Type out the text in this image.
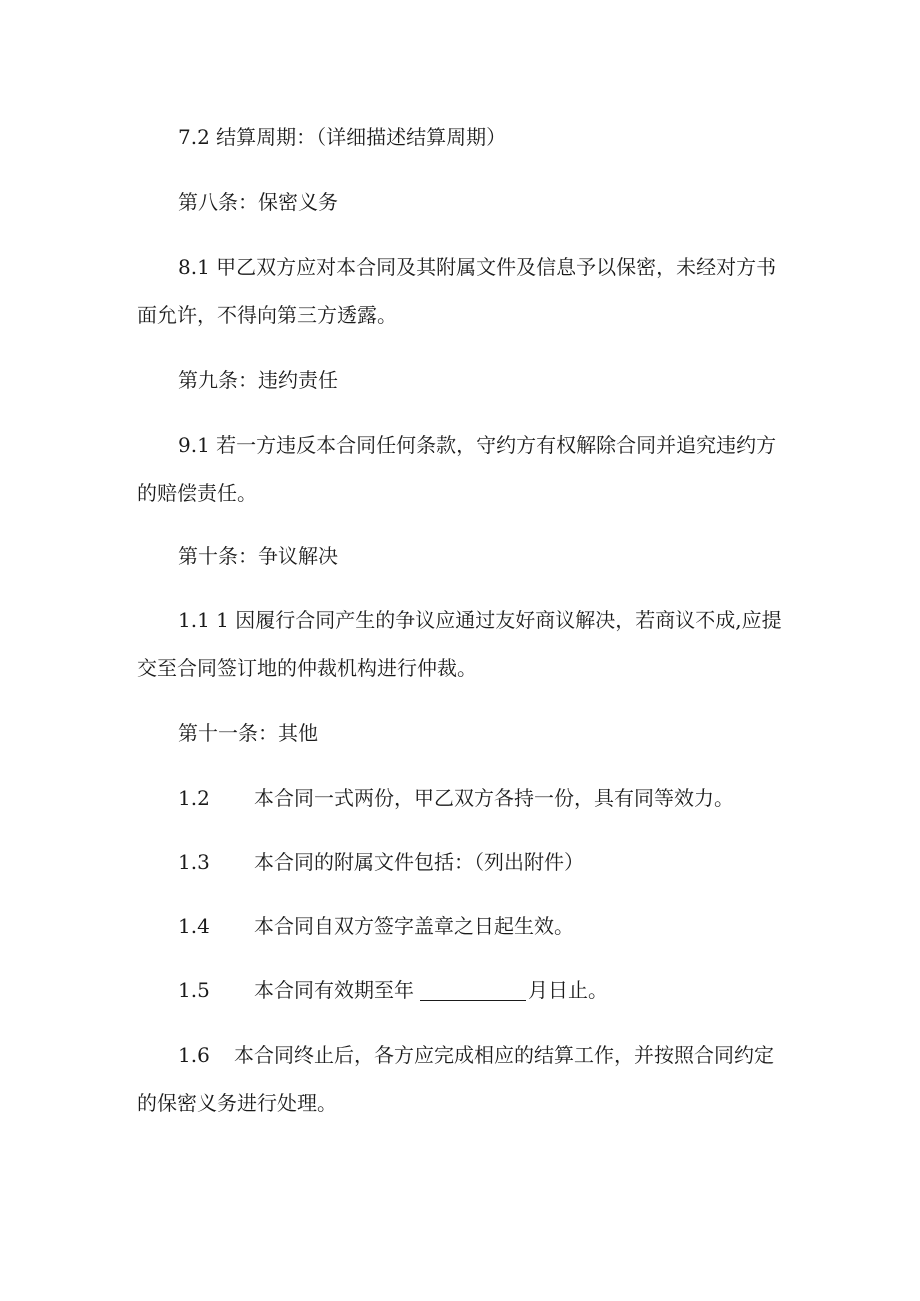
7.2 结算周期：（详细描述结算周期）
第八条：保密义务
8.1 甲乙双方应对本合同及其附属文件及信息予以保密，未经对方书
面允许，不得向第三方透露。
第九条：违约责任
9.1 若一方违反本合同任何条款，守约方有权解除合同并追究违约方
的赔偿责任。
第十条：争议解决
1.1 1 因履行合同产生的争议应通过友好商议解决，若商议不成,应提
交至合同签订地的仲裁机构进行仲裁。
第十一条：其他
1.2 本合同一式两份，甲乙双方各持一份，具有同等效力。
1.3 本合同的附属文件包括：（列出附件）
1.4 本合同自双方签字盖章之日起生效。
1.5 本合同有效期至年	月日止。
1.6 本合同终止后，各方应完成相应的结算工作，并按照合同约定
的保密义务进行处理。
